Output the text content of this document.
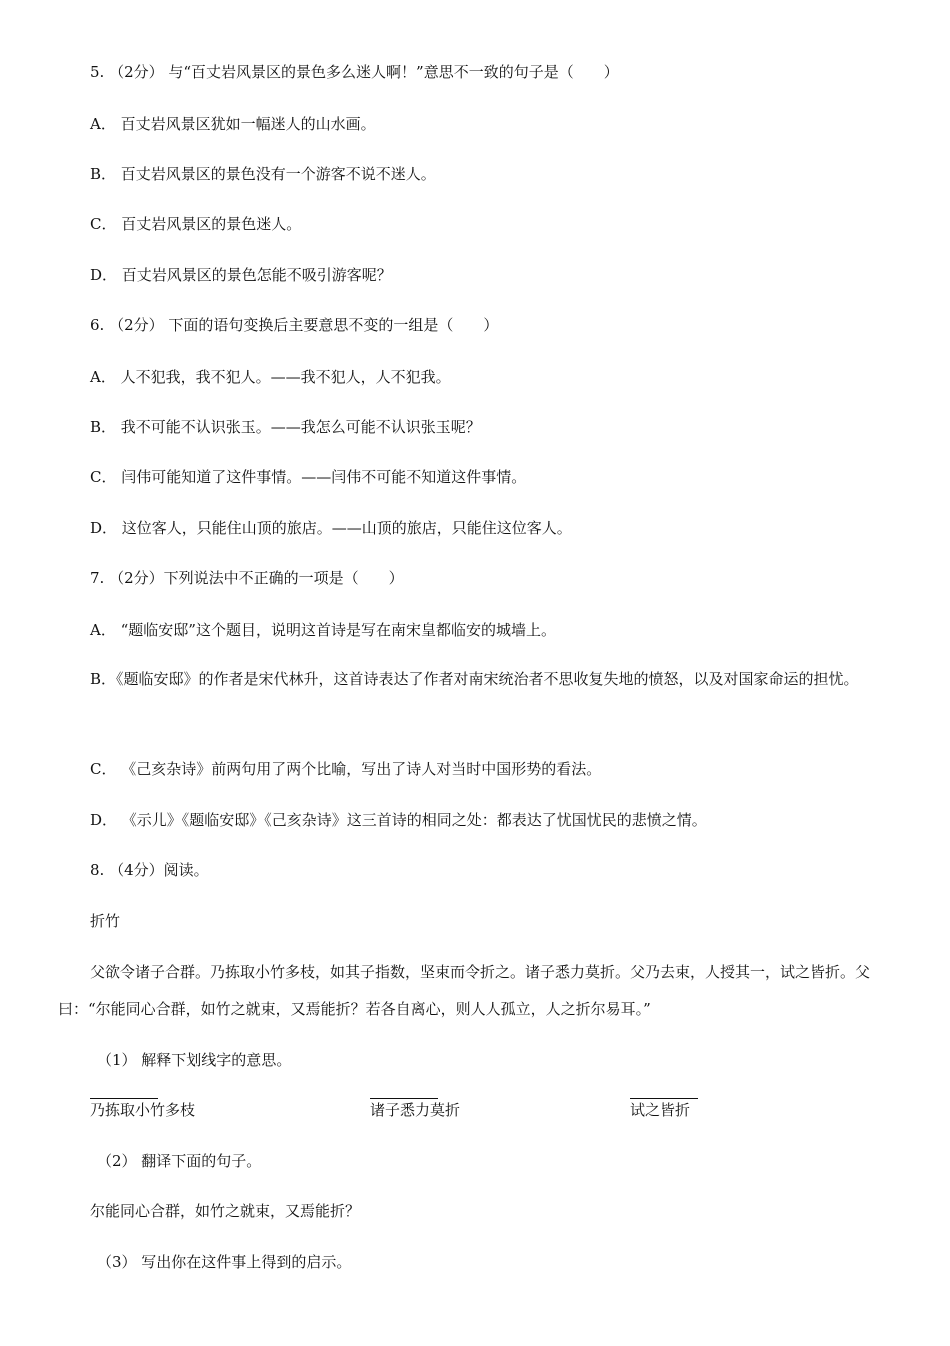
5. （2分） 与“百丈岩风景区的景色多么迷人啊！”意思不一致的句子是（　　）
A． 百丈岩风景区犹如一幅迷人的山水画。
B． 百丈岩风景区的景色没有一个游客不说不迷人。
C． 百丈岩风景区的景色迷人。
D． 百丈岩风景区的景色怎能不吸引游客呢？
6. （2分） 下面的语句变换后主要意思不变的一组是（　　）
A． 人不犯我，我不犯人。——我不犯人，人不犯我。
B． 我不可能不认识张玉。——我怎么可能不认识张玉呢？
C． 闫伟可能知道了这件事情。——闫伟不可能不知道这件事情。
D． 这位客人，只能住山顶的旅店。——山顶的旅店，只能住这位客人。
7. （2分）下列说法中不正确的一项是（　　）
A． “题临安邸”这个题目，说明这首诗是写在南宋皇都临安的城墙上。
B．《题临安邸》的作者是宋代林升，这首诗表达了作者对南宋统治者不思收复失地的愤怒，以及对国家命运的担忧。
C． 《己亥杂诗》前两句用了两个比喻，写出了诗人对当时中国形势的看法。
D． 《示儿》《题临安邸》《己亥杂诗》这三首诗的相同之处：都表达了忧国忧民的悲愤之情。
8. （4分）阅读。
折竹
父欲令诸子合群。乃拣取小竹多枝，如其子指数，坚束而令折之。诸子悉力莫折。父乃去束，人授其一，试之皆折。父曰：“尔能同心合群，如竹之就束，又焉能折？若各自离心，则人人孤立，人之折尔易耳。”
（1） 解释下划线字的意思。
乃拣取小竹多枝	诸子悉力莫折	试之皆折
（2） 翻译下面的句子。
尔能同心合群，如竹之就束，又焉能折？
（3） 写出你在这件事上得到的启示。
